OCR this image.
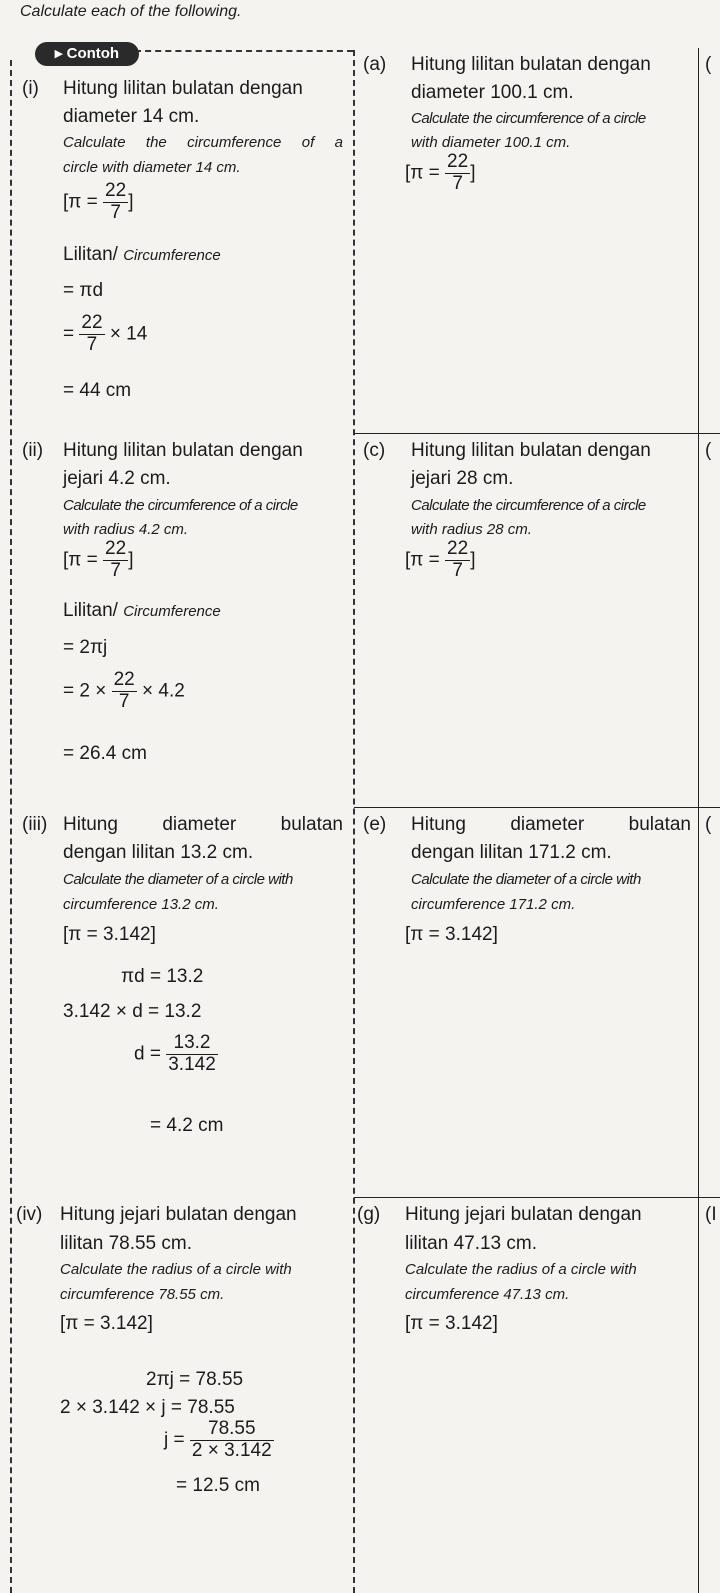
Calculate each of the following.
▸ Contoh
(i) Hitung lilitan bulatan dengan
diameter 14 cm.
Calculate the circumference of a
circle with diameter 14 cm.
[$\pi = \frac{22}{7}$ ]
Lilitan/ Circumference
= πd
= $\frac{22}{7} \times 14$
= 44 cm
(ii) Hitung lilitan bulatan dengan
jejari 4.2 cm.
Calculate the circumference of a circle
with radius 4.2 cm.
[$\pi = \frac{22}{7}$ ]
Lilitan/ Circumference
= 2πj
= $2 \times \frac{22}{7} \times 4.2$
= 26.4 cm
(iii) Hitung diameter bulatan
dengan lilitan 13.2 cm.
Calculate the diameter of a circle with
circumference 13.2 cm.
[π = 3.142]
πd = 13.2
3.142 × d = 13.2
$d = \frac{13.2}{3.142}$
= 4.2 cm
(iv) Hitung jejari bulatan dengan
lilitan 78.55 cm.
Calculate the radius of a circle with
circumference 78.55 cm.
[π = 3.142]
2πj = 78.55
2 × 3.142 × j = 78.55
$j = \frac{78.55}{2 \times 3.142}$
= 12.5 cm
(a) Hitung lilitan bulatan dengan	(
diameter 100.1 cm.
Calculate the circumference of a circle
with diameter 100.1 cm.
[$\pi = \frac{22}{7}$ ]
(c) Hitung lilitan bulatan dengan	(
jejari 28 cm.
Calculate the circumference of a circle
with radius 28 cm.
[$\pi = \frac{22}{7}$ ]
(e) Hitung diameter bulatan (
dengan lilitan 171.2 cm.
Calculate the diameter of a circle with
circumference 171.2 cm.
[π = 3.142]
(g) Hitung jejari bulatan dengan	(I
lilitan 47.13 cm.
Calculate the radius of a circle with
circumference 47.13 cm.
[π = 3.142]
